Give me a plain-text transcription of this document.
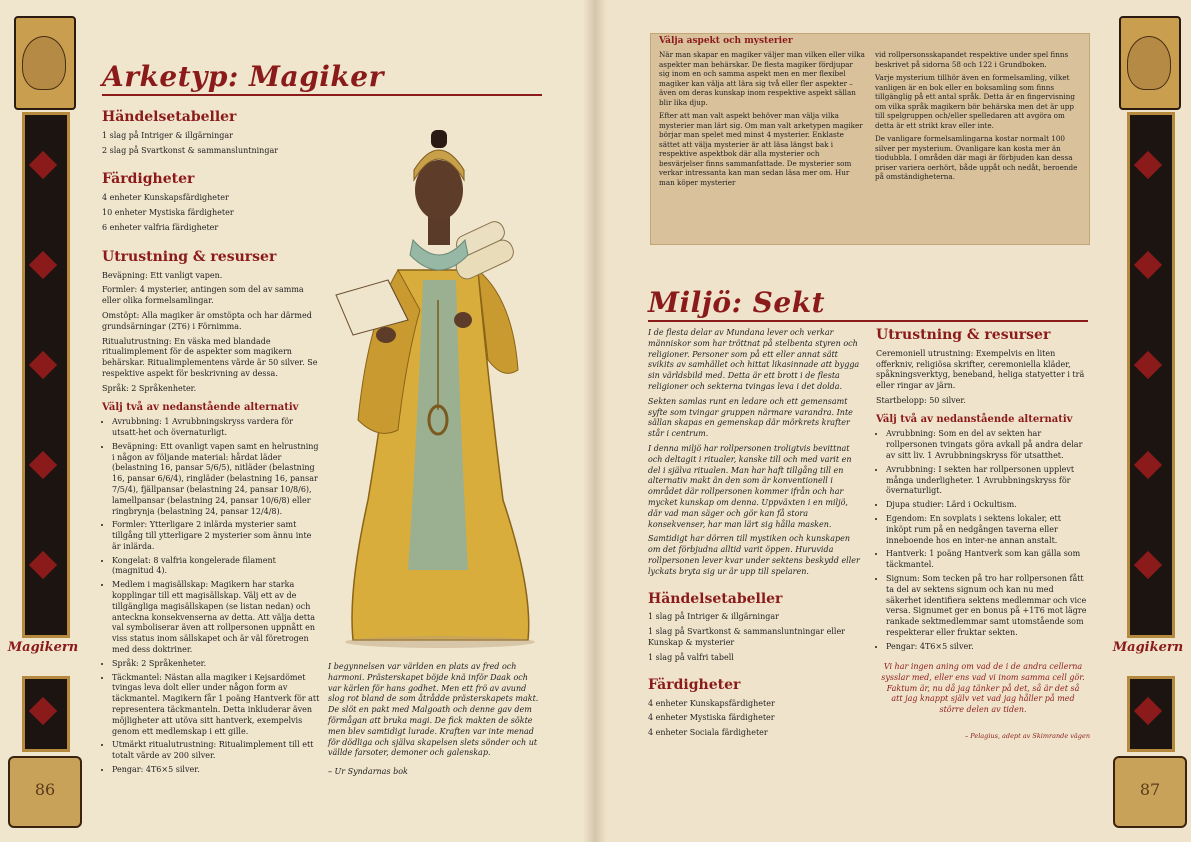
Magikern
86
Magikern
87
Arketyp: Magiker
Händelsetabeller

1 slag på Intriger & illgärningar

2 slag på Svartkonst & sammansluntningar

Färdigheter

4 enheter Kunskapsfärdigheter

10 enheter Mystiska färdigheter

6 enheter valfria färdigheter

Utrustning & resurser

Beväpning: Ett vanligt vapen.

Formler: 4 mysterier, antingen som del av samma eller olika formelsamlingar.

Omstöpt: Alla magiker är omstöpta och har därmed grundsärningar (2T6) i Förnimma.

Ritualutrustning: En väska med blandade ritualimplement för de aspekter som magikern behärskar. Ritualimplementens värde är 50 silver. Se respektive aspekt för beskrivning av dessa.

Språk: 2 Språkenheter.

Välj två av nedanstående alternativ
• Avrubbning: 1 Avrubbningskryss vardera för utsatt-het och övernaturligt.
• Beväpning: Ett ovanligt vapen samt en helrustning i någon av följande material: hårdat läder (belastning 16, pansar 5/6/5), nitläder (belastning 16, pansar 6/6/4), ringläder (belastning 16, pansar 7/5/4), fjällpansar (belastning 24, pansar 10/8/6), lamellpansar (belastning 24, pansar 10/6/8) eller ringbrynja (belastning 24, pansar 12/4/8).
• Formler: Ytterligare 2 inlärda mysterier samt tillgång till ytterligare 2 mysterier som ännu inte är inlärda.
• Kongelat: 8 valfria kongelerade filament (magnitud 4).
• Medlem i magisällskap: Magikern har starka kopplingar till ett magisällskap. Välj ett av de tillgängliga magisällskapen (se listan nedan) och anteckna konsekvenserna av detta. Att välja detta val symboliserar även att rollpersonen uppnått en viss status inom sällskapet och är väl företrogen med dess doktriner.
• Språk: 2 Språkenheter.
• Täckmantel: Nästan alla magiker i Kejsardömet tvingas leva dolt eller under någon form av täckmantel. Magikern får 1 poäng Hantverk för att representera täckmanteln. Detta inkluderar även möjligheter att utöva sitt hantverk, exempelvis genom ett medlemskap i ett gille.
• Utmärkt ritualutrustning: Ritualimplement till ett totalt värde av 200 silver.
• Pengar: 4T6×5 silver.

I begynnelsen var världen en plats av fred och harmoni. Prästerskapet böjde knä inför Daak och var kärlen för hans godhet. Men ett frö av avund slog rot bland de som åtrådde prästerskapets makt. De slöt en pakt med Malgoath och denne gav dem förmågan att bruka magi. De fick makten de sökte men blev samtidigt lurade. Kraften var inte menad för dödliga och själva skapelsen slets sönder och ut vällde farsoter, demoner och galenskap.

– Ur Syndarnas bok

Välja aspekt och mysterier

När man skapar en magiker väljer man vilken eller vilka aspekter man behärskar. De flesta magiker fördjupar sig inom en och samma aspekt men en mer flexibel magiker kan välja att lära sig två eller fler aspekter – även om deras kunskap inom respektive aspekt sällan blir lika djup.

Efter att man valt aspekt behöver man välja vilka mysterier man lärt sig. Om man valt arketypen magiker börjar man spelet med minst 4 mysterier. Enklaste sättet att välja mysterier är att läsa längst bak i respektive aspektbok där alla mysterier och besvärjelser finns sammanfattade. De mysterier som verkar intressanta kan man sedan läsa mer om. Hur man köper mysterier

vid rollpersonsskapandet respektive under spel finns beskrivet på sidorna 58 och 122 i Grundboken.

Varje mysterium tillhör även en formelsamling, vilket vanligen är en bok eller en boksamling som finns tillgänglig på ett antal språk. Detta är en fingervisning om vilka språk magikern bör behärska men det är upp till spelgruppen och/eller spelledaren att avgöra om detta är ett strikt krav eller inte.

De vanligare formelsamlingarna kostar normalt 100 silver per mysterium. Ovanligare kan kosta mer än tiodubbla. I områden där magi är förbjuden kan dessa priser variera oerhört, både uppåt och nedåt, beroende på omständigheterna.

Miljö: Sekt

I de flesta delar av Mundana lever och verkar människor som har tröttnat på stelbenta styren och religioner. Personer som på ett eller annat sätt svikits av samhället och hittat likasinnade att bygga sin världsbild med. Detta är ett brott i de flesta religioner och sekterna tvingas leva i det dolda.

Sekten samlas runt en ledare och ett gemensamt syfte som tvingar gruppen närmare varandra. Inte sällan skapas en gemenskap där mörkrets krafter står i centrum.

I denna miljö har rollpersonen troligtvis bevittnat och deltagit i ritualer, kanske till och med varit en del i själva ritualen. Man har haft tillgång till en alternativ makt än den som är konventionell i området där rollpersonen kommer ifrån och har mycket kunskap om denna. Uppväxten i en miljö, där vad man säger och gör kan få stora konsekvenser, har man lärt sig hålla masken.

Samtidigt har dörren till mystiken och kunskapen om det förbjudna alltid varit öppen. Huruvida rollpersonen lever kvar under sektens beskydd eller lyckats bryta sig ur är upp till spelaren.

Händelsetabeller

1 slag på Intriger & illgärningar

1 slag på Svartkonst & sammansluntningar eller Kunskap & mysterier

1 slag på valfri tabell

Färdigheter

4 enheter Kunskapsfärdigheter

4 enheter Mystiska färdigheter

4 enheter Sociala färdigheter

Utrustning & resurser

Ceremoniell utrustning: Exempelvis en liten offerkniv, religiösa skrifter, ceremoniella kläder, spåkningsverktyg, beneband, heliga statyetter i trä eller ringar av järn.

Startbelopp: 50 silver.

Välj två av nedanstående alternativ
• Avrubbning: Som en del av sekten har rollpersonen tvingats göra avkall på andra delar av sitt liv. 1 Avrubbningskryss för utsatthet.
• Avrubbning: I sekten har rollpersonen upplevt många underligheter. 1 Avrubbningskryss för övernaturligt.
• Djupa studier: Lärd i Ockultism.
• Egendom: En sovplats i sektens lokaler, ett inköpt rum på en nedgången taverna eller inneboende hos en inter-ne annan anstalt.
• Hantverk: 1 poäng Hantverk som kan gälla som täckmantel.
• Signum: Som tecken på tro har rollpersonen fått ta del av sektens signum och kan nu med säkerhet identifiera sektens medlemmar och vice versa. Signumet ger en bonus på +1T6 mot lägre rankade sektmedlemmar samt utomstående som respekterar eller fruktar sekten.
• Pengar: 4T6×5 silver.
Vi har ingen aning om vad de i de andra cellerna sysslar med, eller ens vad vi inom samma cell gör. Faktum är, nu då jag tänker på det, så är det så att jag knappt själv vet vad jag håller på med större delen av tiden.
– Pelagius, adept av Skimrande vägen
